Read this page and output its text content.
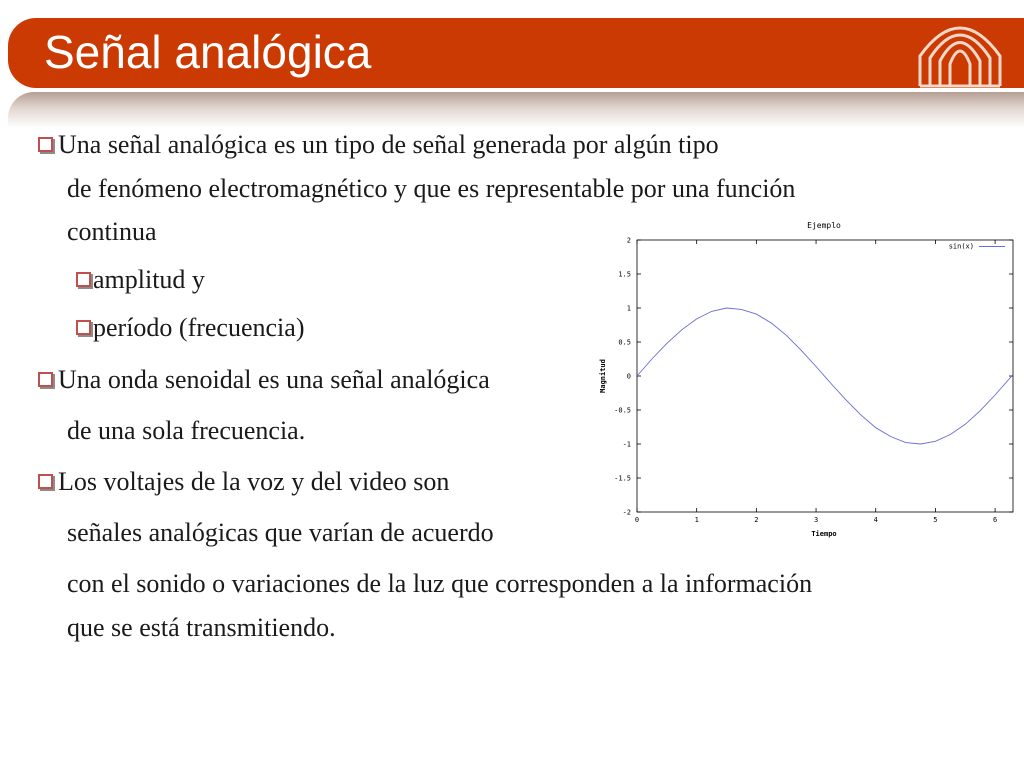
Señal analógica
Una señal analógica es un tipo de señal generada por algún tipo
de fenómeno electromagnético y que es representable por una función
continua
amplitud y
período (frecuencia)
Una onda senoidal es una señal analógica
de una sola frecuencia.
Los voltajes de la voz y del video son
señales analógicas que varían de acuerdo
con el sonido o variaciones de la luz que corresponden a la información
que se está transmitiendo.
Ejemplo
Magnitud
Tiempo
0	1	2	3	4	5	6
2
1.5
1
0.5
0
-0.5
-1
-1.5
-2
sin(x)
